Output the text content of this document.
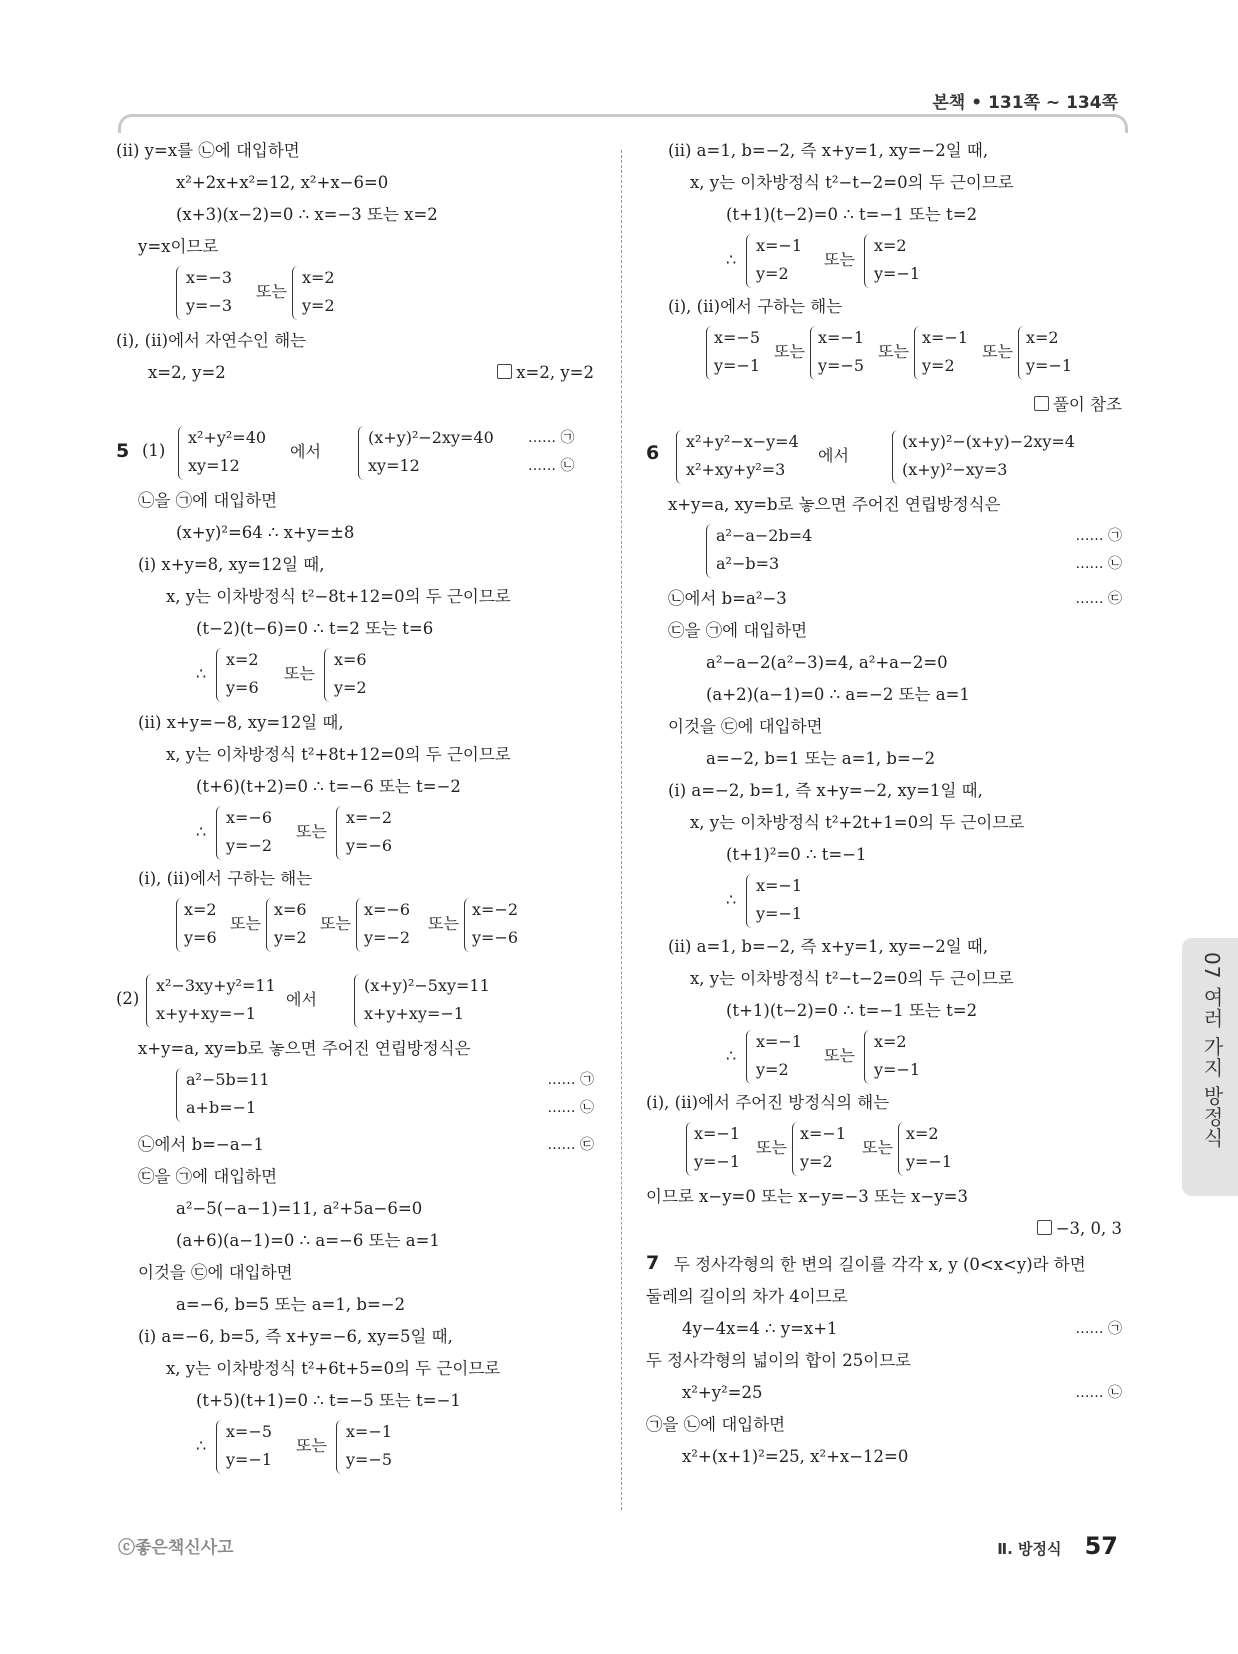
본책 • 131쪽 ~ 134쪽
(ii) y=x를 ㉡에 대입하면
x²+2x+x²=12, x²+x−6=0
(x+3)(x−2)=0 ∴ x=−3 또는 x=2
y=x이므로
x=−3
y=−3
또는
x=2
y=2
(i), (ii)에서 자연수인 해는
x=2, y=2	x=2, y=2
5 (1)
x²+y²=40
xy=12
에서
(x+y)²−2xy=40
xy=12
…… ㉠
…… ㉡
㉡을 ㉠에 대입하면
(x+y)²=64 ∴ x+y=±8
(i) x+y=8, xy=12일 때,
x, y는 이차방정식 t²−8t+12=0의 두 근이므로
(t−2)(t−6)=0 ∴ t=2 또는 t=6
∴
x=2
y=6
또는
x=6
y=2
(ii) x+y=−8, xy=12일 때,
x, y는 이차방정식 t²+8t+12=0의 두 근이므로
(t+6)(t+2)=0 ∴ t=−6 또는 t=−2
∴
x=−6
y=−2
또는
x=−2
y=−6
(i), (ii)에서 구하는 해는
x=2
y=6
또는
x=6
y=2
또는
x=−6
y=−2
또는
x=−2
y=−6
(2)
x²−3xy+y²=11
x+y+xy=−1
에서
(x+y)²−5xy=11
x+y+xy=−1
x+y=a, xy=b로 놓으면 주어진 연립방정식은
a²−5b=11
a+b=−1
…… ㉠
…… ㉡
㉡에서 b=−a−1	…… ㉢
㉢을 ㉠에 대입하면
a²−5(−a−1)=11, a²+5a−6=0
(a+6)(a−1)=0 ∴ a=−6 또는 a=1
이것을 ㉢에 대입하면
a=−6, b=5 또는 a=1, b=−2
(i) a=−6, b=5, 즉 x+y=−6, xy=5일 때,
x, y는 이차방정식 t²+6t+5=0의 두 근이므로
(t+5)(t+1)=0 ∴ t=−5 또는 t=−1
∴
x=−5
y=−1
또는
x=−1
y=−5
(ii) a=1, b=−2, 즉 x+y=1, xy=−2일 때,
x, y는 이차방정식 t²−t−2=0의 두 근이므로
(t+1)(t−2)=0 ∴ t=−1 또는 t=2
∴
x=−1
y=2
또는
x=2
y=−1
(i), (ii)에서 구하는 해는
x=−5
y=−1
또는
x=−1
y=−5
또는
x=−1
y=2
또는
x=2
y=−1
풀이 참조
6
x²+y²−x−y=4
x²+xy+y²=3
에서
(x+y)²−(x+y)−2xy=4
(x+y)²−xy=3
x+y=a, xy=b로 놓으면 주어진 연립방정식은
a²−a−2b=4
a²−b=3
…… ㉠
…… ㉡
㉡에서 b=a²−3	…… ㉢
㉢을 ㉠에 대입하면
a²−a−2(a²−3)=4, a²+a−2=0
(a+2)(a−1)=0 ∴ a=−2 또는 a=1
이것을 ㉢에 대입하면
a=−2, b=1 또는 a=1, b=−2
(i) a=−2, b=1, 즉 x+y=−2, xy=1일 때,
x, y는 이차방정식 t²+2t+1=0의 두 근이므로
(t+1)²=0 ∴ t=−1
∴
x=−1
y=−1
(ii) a=1, b=−2, 즉 x+y=1, xy=−2일 때,
x, y는 이차방정식 t²−t−2=0의 두 근이므로
(t+1)(t−2)=0 ∴ t=−1 또는 t=2
∴
x=−1
y=2
또는
x=2
y=−1
(i), (ii)에서 주어진 방정식의 해는
x=−1
y=−1
또는
x=−1
y=2
또는
x=2
y=−1
이므로 x−y=0 또는 x−y=−3 또는 x−y=3
−3, 0, 3
7 두 정사각형의 한 변의 길이를 각각 x, y (0<x<y)라 하면
둘레의 길이의 차가 4이므로
4y−4x=4 ∴ y=x+1	…… ㉠
두 정사각형의 넓이의 합이 25이므로
x²+y²=25	…… ㉡
㉠을 ㉡에 대입하면
x²+(x+1)²=25, x²+x−12=0
07 여러 가지 방정식
ⓒ좋은책신사고	Ⅱ. 방정식 57
